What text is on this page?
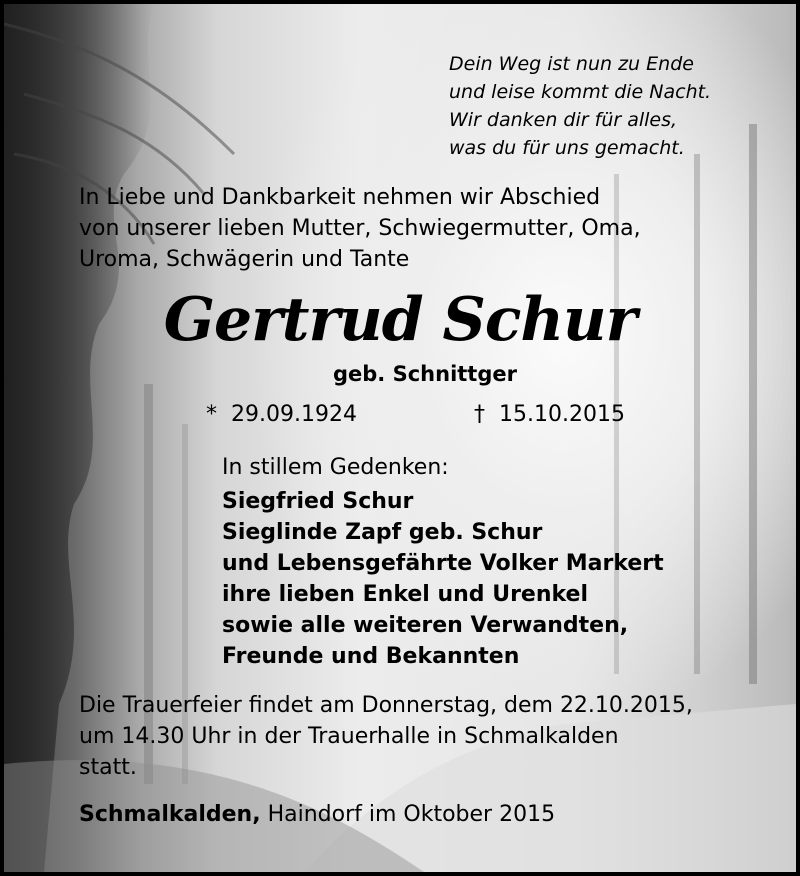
Dein Weg ist nun zu Ende
und leise kommt die Nacht.
Wir danken dir für alles,
was du für uns gemacht.
In Liebe und Dankbarkeit nehmen wir Abschied
von unserer lieben Mutter, Schwiegermutter, Oma,
Uroma, Schwägerin und Tante
Gertrud Schur
geb. Schnittger
* 29.09.1924	† 15.10.2015
In stillem Gedenken:
Siegfried Schur
Sieglinde Zapf geb. Schur
und Lebensgefährte Volker Markert
ihre lieben Enkel und Urenkel
sowie alle weiteren Verwandten,
Freunde und Bekannten
Die Trauerfeier findet am Donnerstag, dem 22.10.2015,
um 14.30 Uhr in der Trauerhalle in Schmalkalden
statt.
Schmalkalden, Haindorf im Oktober 2015
